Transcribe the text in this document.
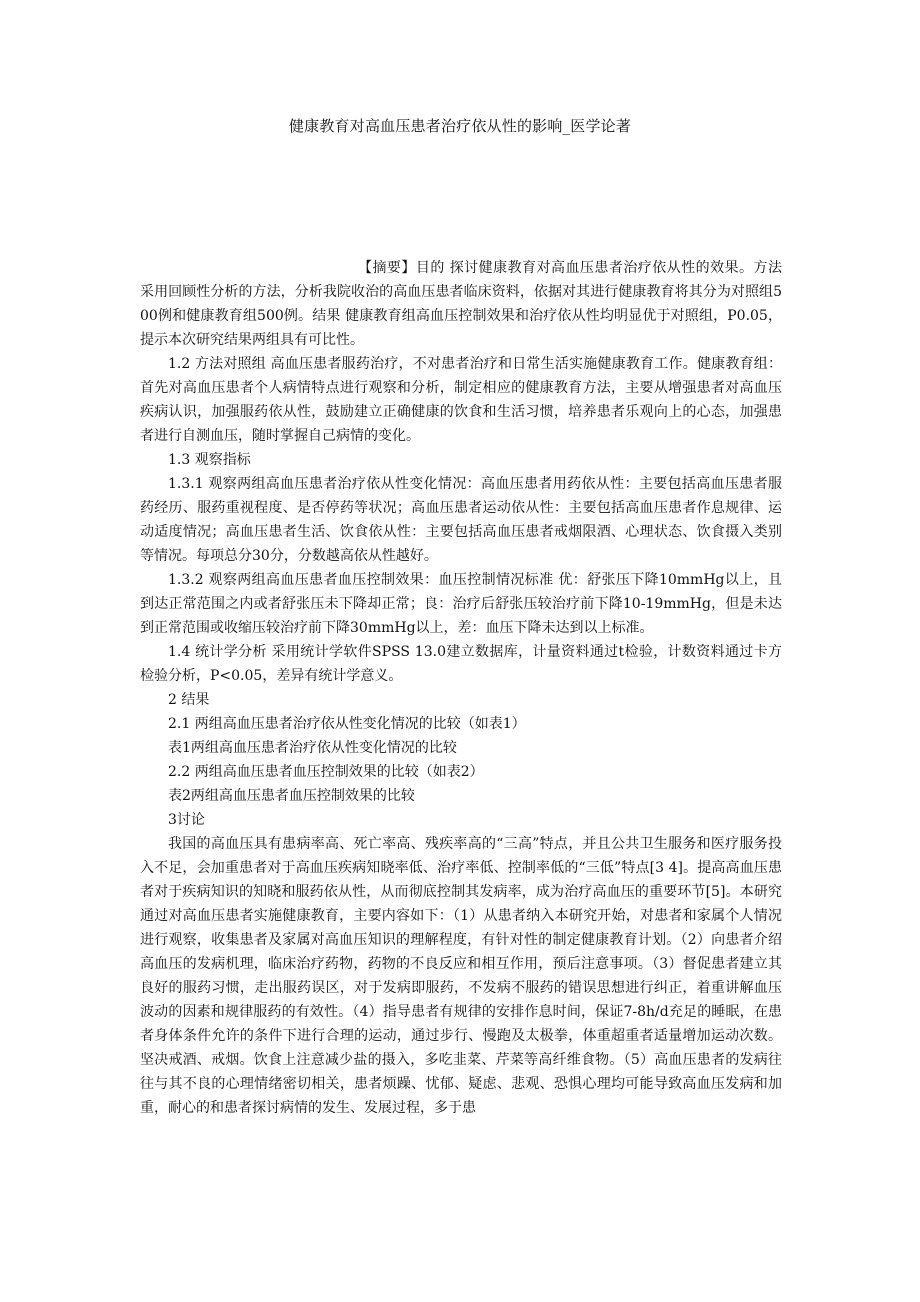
健康教育对高血压患者治疗依从性的影响_医学论著

【摘要】目的 探讨健康教育对高血压患者治疗依从性的效果。方法 采用回顾性分析的方法，分析我院收治的高血压患者临床资料，依据对其进行健康教育将其分为对照组500例和健康教育组500例。结果 健康教育组高血压控制效果和治疗依从性均明显优于对照组，P0.05，提示本次研究结果两组具有可比性。

1.2 方法对照组 高血压患者服药治疗，不对患者治疗和日常生活实施健康教育工作。健康教育组：首先对高血压患者个人病情特点进行观察和分析，制定相应的健康教育方法，主要从增强患者对高血压疾病认识，加强服药依从性，鼓励建立正确健康的饮食和生活习惯，培养患者乐观向上的心态，加强患者进行自测血压，随时掌握自己病情的变化。

1.3 观察指标

1.3.1 观察两组高血压患者治疗依从性变化情况：高血压患者用药依从性：主要包括高血压患者服药经历、服药重视程度、是否停药等状况；高血压患者运动依从性：主要包括高血压患者作息规律、运动适度情况；高血压患者生活、饮食依从性：主要包括高血压患者戒烟限酒、心理状态、饮食摄入类别等情况。每项总分30分，分数越高依从性越好。

1.3.2 观察两组高血压患者血压控制效果：血压控制情况标准 优：舒张压下降10mmHg以上，且到达正常范围之内或者舒张压未下降却正常；良：治疗后舒张压较治疗前下降10-19mmHg，但是未达到正常范围或收缩压较治疗前下降30mmHg以上，差：血压下降未达到以上标准。

1.4 统计学分析 采用统计学软件SPSS 13.0建立数据库，计量资料通过t检验，计数资料通过卡方检验分析，P<0.05，差异有统计学意义。

2 结果

2.1 两组高血压患者治疗依从性变化情况的比较（如表1）

表1两组高血压患者治疗依从性变化情况的比较

2.2 两组高血压患者血压控制效果的比较（如表2）

表2两组高血压患者血压控制效果的比较

3讨论

我国的高血压具有患病率高、死亡率高、残疾率高的“三高”特点，并且公共卫生服务和医疗服务投入不足，会加重患者对于高血压疾病知晓率低、治疗率低、控制率低的“三低”特点[3 4]。提高高血压患者对于疾病知识的知晓和服药依从性，从而彻底控制其发病率，成为治疗高血压的重要环节[5]。本研究通过对高血压患者实施健康教育，主要内容如下：（1）从患者纳入本研究开始，对患者和家属个人情况进行观察，收集患者及家属对高血压知识的理解程度，有针对性的制定健康教育计划。（2）向患者介绍高血压的发病机理，临床治疗药物，药物的不良反应和相互作用，预后注意事项。（3）督促患者建立其良好的服药习惯，走出服药误区，对于发病即服药，不发病不服药的错误思想进行纠正，着重讲解血压波动的因素和规律服药的有效性。（4）指导患者有规律的安排作息时间，保证7-8h/d充足的睡眠，在患者身体条件允许的条件下进行合理的运动，通过步行、慢跑及太极拳，体重超重者适量增加运动次数。坚决戒酒、戒烟。饮食上注意减少盐的摄入，多吃韭菜、芹菜等高纤维食物。（5）高血压患者的发病往往与其不良的心理情绪密切相关，患者烦躁、忧郁、疑虑、悲观、恐惧心理均可能导致高血压发病和加重，耐心的和患者探讨病情的发生、发展过程，多于患
